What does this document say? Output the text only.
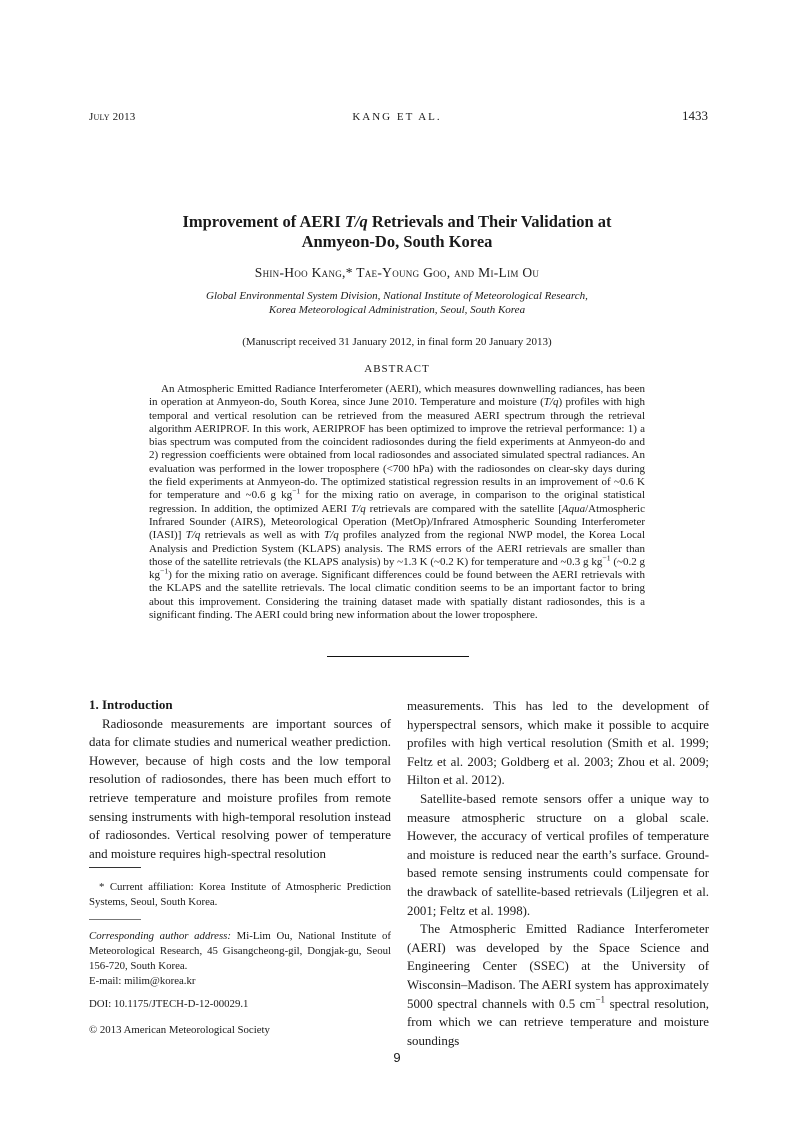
July 2013	KANG ET AL.	1433
Improvement of AERI T/q Retrievals and Their Validation at
Anmyeon-Do, South Korea
Shin-Hoo Kang,* Tae-Young Goo, and Mi-Lim Ou
Global Environmental System Division, National Institute of Meteorological Research,
Korea Meteorological Administration, Seoul, South Korea
(Manuscript received 31 January 2012, in final form 20 January 2013)
ABSTRACT
An Atmospheric Emitted Radiance Interferometer (AERI), which measures downwelling radiances, has been in operation at Anmyeon-do, South Korea, since June 2010. Temperature and moisture (T/q) profiles with high temporal and vertical resolution can be retrieved from the measured AERI spectrum through the retrieval algorithm AERIPROF. In this work, AERIPROF has been optimized to improve the retrieval performance: 1) a bias spectrum was computed from the coincident radiosondes during the field experiments at Anmyeon-do and 2) regression coefficients were obtained from local radiosondes and associated simulated spectral radiances. An evaluation was performed in the lower troposphere (<700 hPa) with the radiosondes on clear-sky days during the field experiments at Anmyeon-do. The optimized statistical regression results in an improvement of ~0.6 K for temperature and ~0.6 g $kg^{-1}$ for the mixing ratio on average, in comparison to the original statistical regression. In addition, the optimized AERI T/q retrievals are compared with the satellite [Aqua/Atmospheric Infrared Sounder (AIRS), Meteorological Operation (MetOp)/Infrared Atmospheric Sounding Interferometer (IASI)] T/q retrievals as well as with T/q profiles analyzed from the regional NWP model, the Korea Local Analysis and Prediction System (KLAPS) analysis. The RMS errors of the AERI retrievals are smaller than those of the satellite retrievals (the KLAPS analysis) by ~1.3 K (~0.2 K) for temperature and ~0.3 g $kg^{-1}$ (~0.2 g $kg^{-1}$) for the mixing ratio on average. Significant differences could be found between the AERI retrievals with the KLAPS and the satellite retrievals. The local climatic condition seems to be an important factor to bring about this improvement. Considering the training dataset made with spatially distant radiosondes, this is a significant finding. The AERI could bring new information about the lower troposphere.

1. Introduction

Radiosonde measurements are important sources of data for climate studies and numerical weather prediction. However, because of high costs and the low temporal resolution of radiosondes, there has been much effort to retrieve temperature and moisture profiles from remote sensing instruments with high-temporal resolution instead of radiosondes. Vertical resolving power of temperature and moisture requires high-spectral resolution

measurements. This has led to the development of hyperspectral sensors, which make it possible to acquire profiles with high vertical resolution (Smith et al. 1999; Feltz et al. 2003; Goldberg et al. 2003; Zhou et al. 2009; Hilton et al. 2012).

Satellite-based remote sensors offer a unique way to measure atmospheric structure on a global scale. However, the accuracy of vertical profiles of temperature and moisture is reduced near the earth’s surface. Ground-based remote sensing instruments could compensate for the drawback of satellite-based retrievals (Liljegren et al. 2001; Feltz et al. 1998).

The Atmospheric Emitted Radiance Interferometer (AERI) was developed by the Space Science and Engineering Center (SSEC) at the University of Wisconsin–Madison. The AERI system has approximately 5000 spectral channels with 0.5 $cm^{-1}$ spectral resolution, from which we can retrieve temperature and moisture soundings

* Current affiliation: Korea Institute of Atmospheric Prediction Systems, Seoul, South Korea.
Corresponding author address: Mi-Lim Ou, National Institute of Meteorological Research, 45 Gisangcheong-gil, Dongjak-gu, Seoul 156-720, South Korea.
E-mail: milim@korea.kr
DOI: 10.1175/JTECH-D-12-00029.1
© 2013 American Meteorological Society
9
